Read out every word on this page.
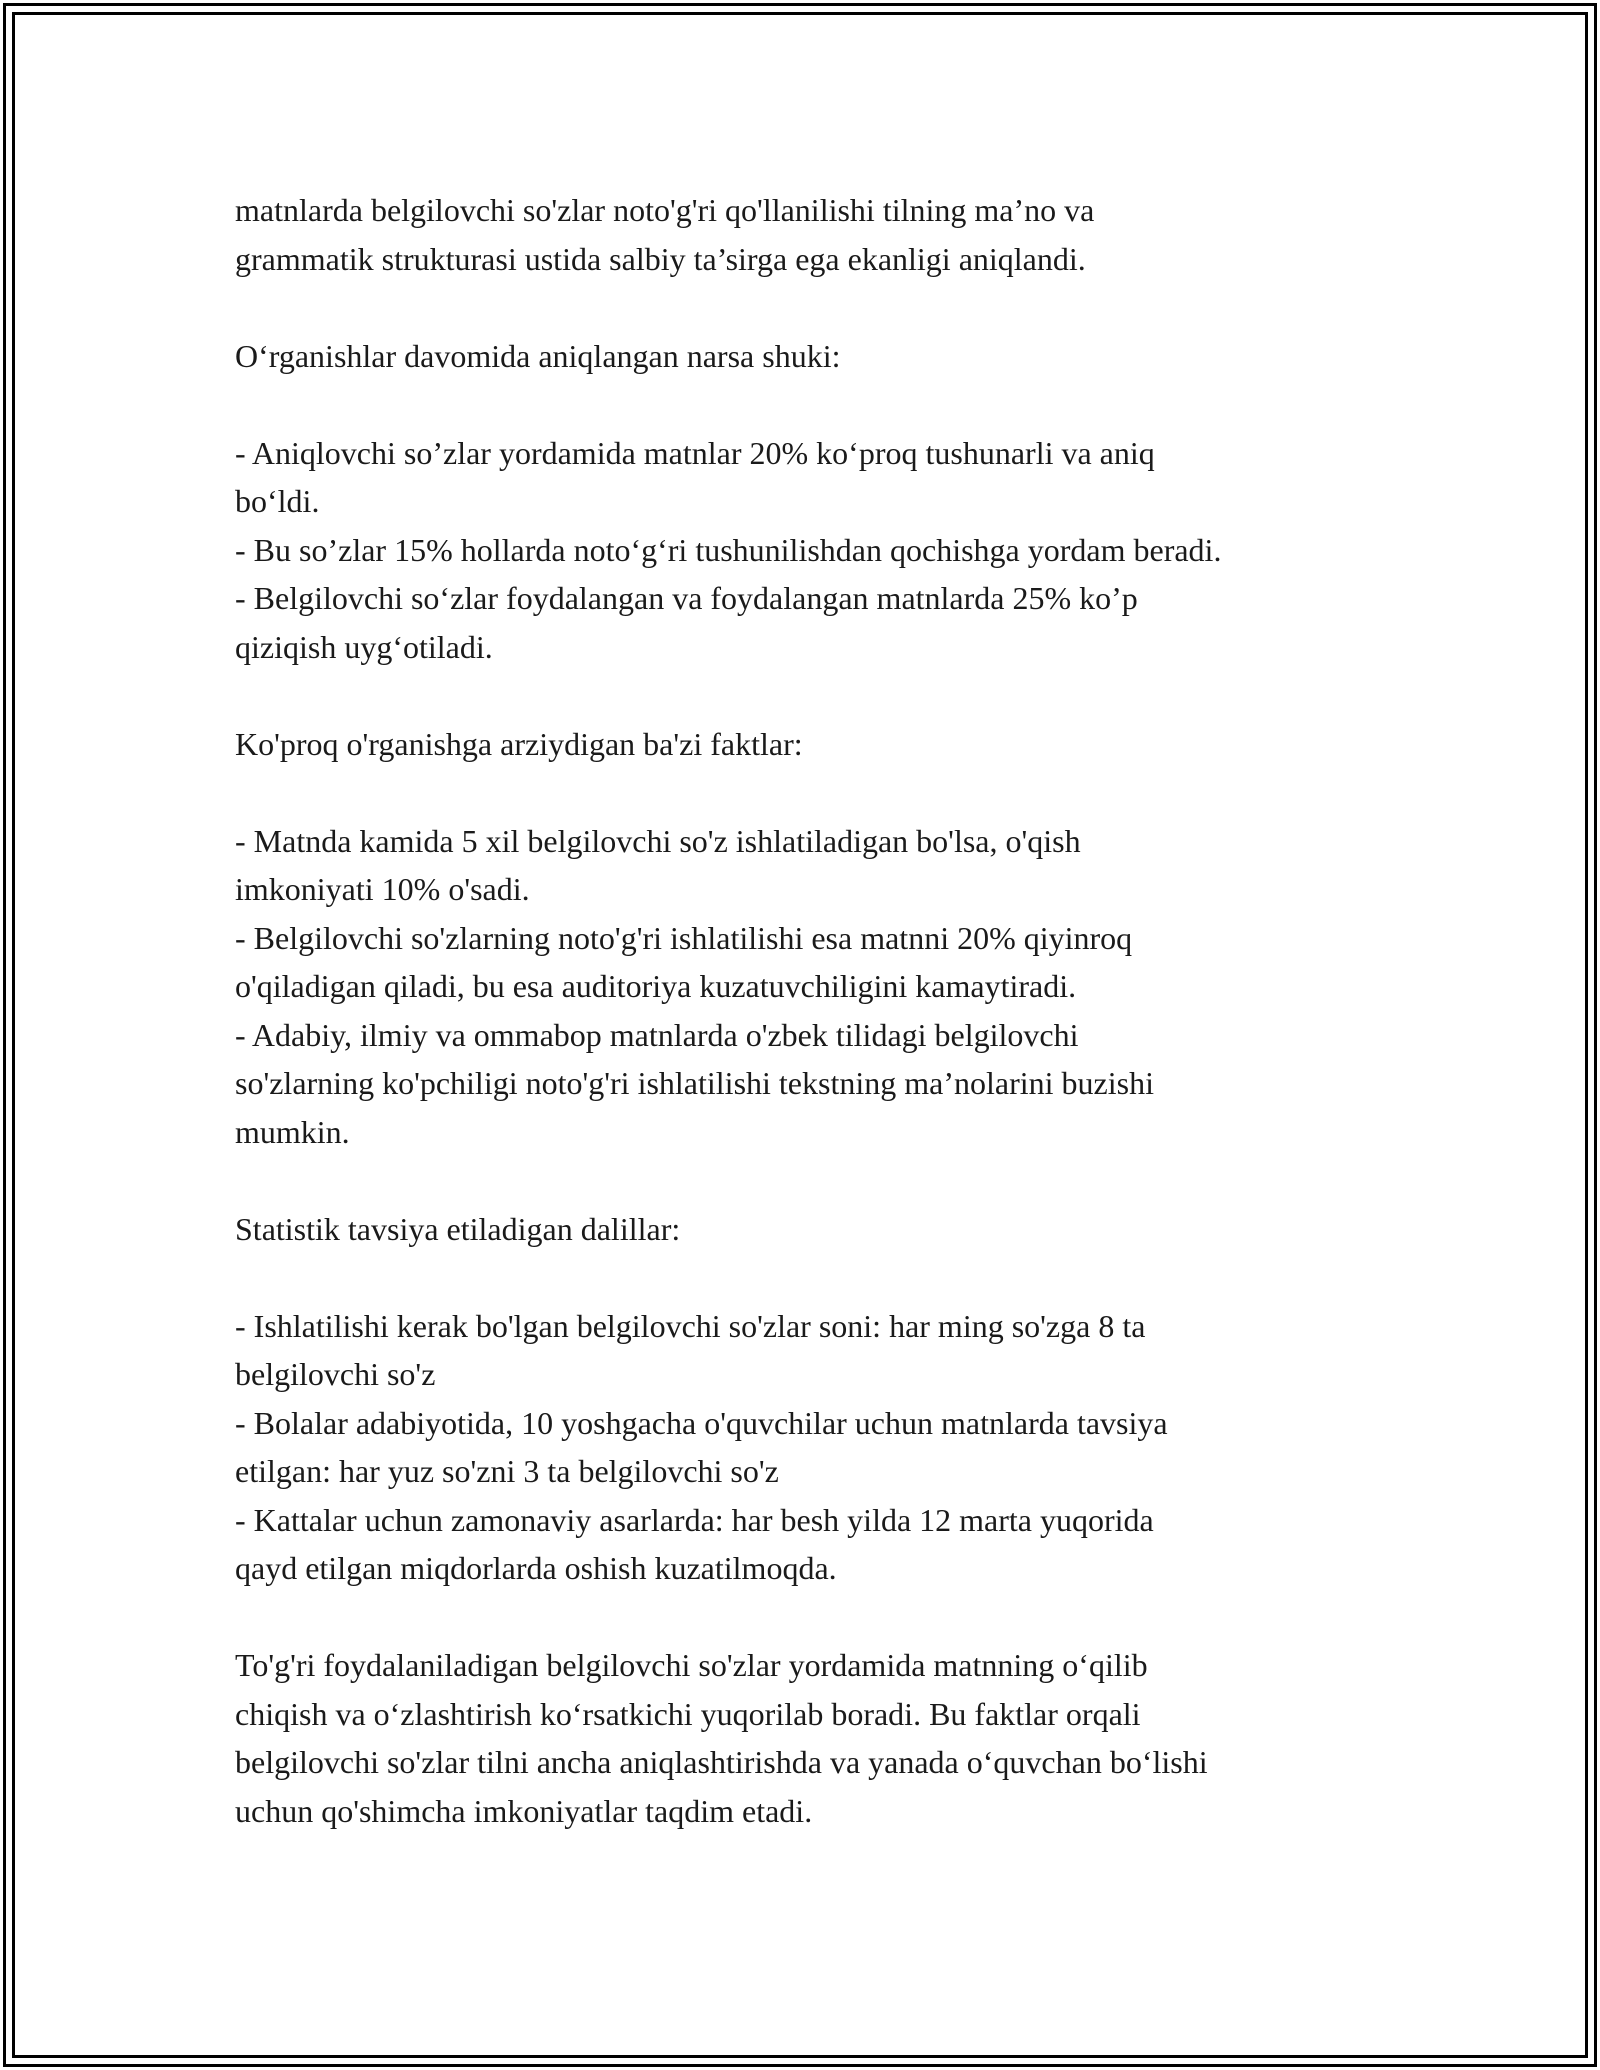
matnlarda belgilovchi so'zlar noto'g'ri qo'llanilishi tilning ma’no va
grammatik strukturasi ustida salbiy ta’sirga ega ekanligi aniqlandi.
O‘rganishlar davomida aniqlangan narsa shuki:
- Aniqlovchi so’zlar yordamida matnlar 20% ko‘proq tushunarli va aniq
bo‘ldi.
- Bu so’zlar 15% hollarda noto‘g‘ri tushunilishdan qochishga yordam beradi.
- Belgilovchi so‘zlar foydalangan va foydalangan matnlarda 25% ko’p
qiziqish uyg‘otiladi.
Ko'proq o'rganishga arziydigan ba'zi faktlar:
- Matnda kamida 5 xil belgilovchi so'z ishlatiladigan bo'lsa, o'qish
imkoniyati 10% o'sadi.
- Belgilovchi so'zlarning noto'g'ri ishlatilishi esa matnni 20% qiyinroq
o'qiladigan qiladi, bu esa auditoriya kuzatuvchiligini kamaytiradi.
- Adabiy, ilmiy va ommabop matnlarda o'zbek tilidagi belgilovchi
so'zlarning ko'pchiligi noto'g'ri ishlatilishi tekstning ma’nolarini buzishi
mumkin.
Statistik tavsiya etiladigan dalillar:
- Ishlatilishi kerak bo'lgan belgilovchi so'zlar soni: har ming so'zga 8 ta
belgilovchi so'z
- Bolalar adabiyotida, 10 yoshgacha o'quvchilar uchun matnlarda tavsiya
etilgan: har yuz so'zni 3 ta belgilovchi so'z
- Kattalar uchun zamonaviy asarlarda: har besh yilda 12 marta yuqorida
qayd etilgan miqdorlarda oshish kuzatilmoqda.
To'g'ri foydalaniladigan belgilovchi so'zlar yordamida matnning o‘qilib
chiqish va o‘zlashtirish ko‘rsatkichi yuqorilab boradi. Bu faktlar orqali
belgilovchi so'zlar tilni ancha aniqlashtirishda va yanada o‘quvchan bo‘lishi
uchun qo'shimcha imkoniyatlar taqdim etadi.
